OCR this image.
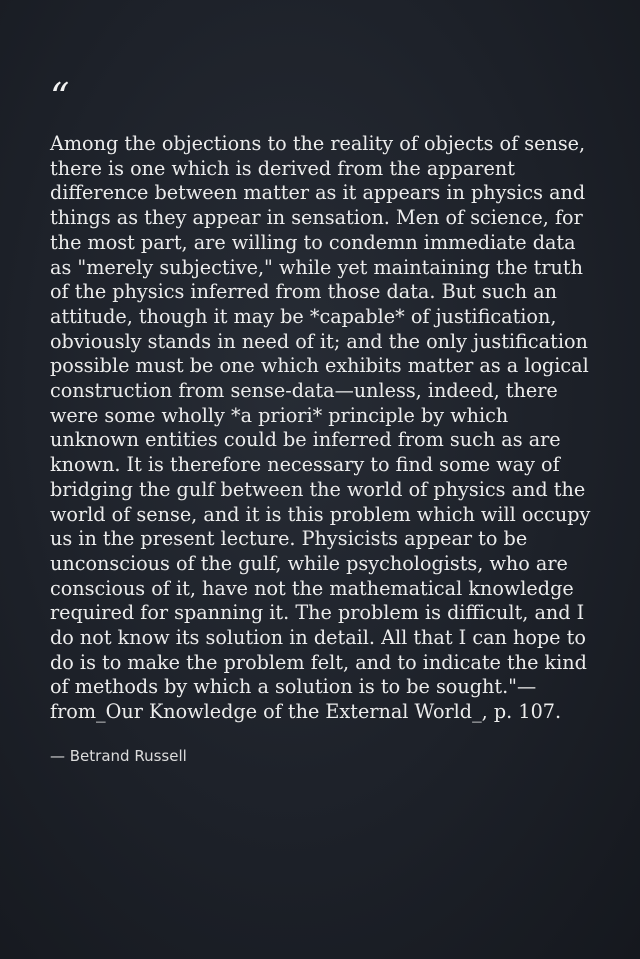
“

Among the objections to the reality of objects of sense, there is one which is derived from the apparent difference between matter as it appears in physics and things as they appear in sensation. Men of science, for the most part, are willing to condemn immediate data as "merely subjective," while yet maintaining the truth of the physics inferred from those data. But such an attitude, though it may be *capable* of justification, obviously stands in need of it; and the only justification possible must be one which exhibits matter as a logical construction from sense-data—unless, indeed, there were some wholly *a priori* principle by which unknown entities could be inferred from such as are known. It is therefore necessary to find some way of bridging the gulf between the world of physics and the world of sense, and it is this problem which will occupy us in the present lecture. Physicists appear to be unconscious of the gulf, while psychologists, who are conscious of it, have not the mathematical knowledge required for spanning it. The problem is difficult, and I do not know its solution in detail. All that I can hope to do is to make the problem felt, and to indicate the kind of methods by which a solution is to be sought."—from_Our Knowledge of the External World_, p. 107.

— Betrand Russell
